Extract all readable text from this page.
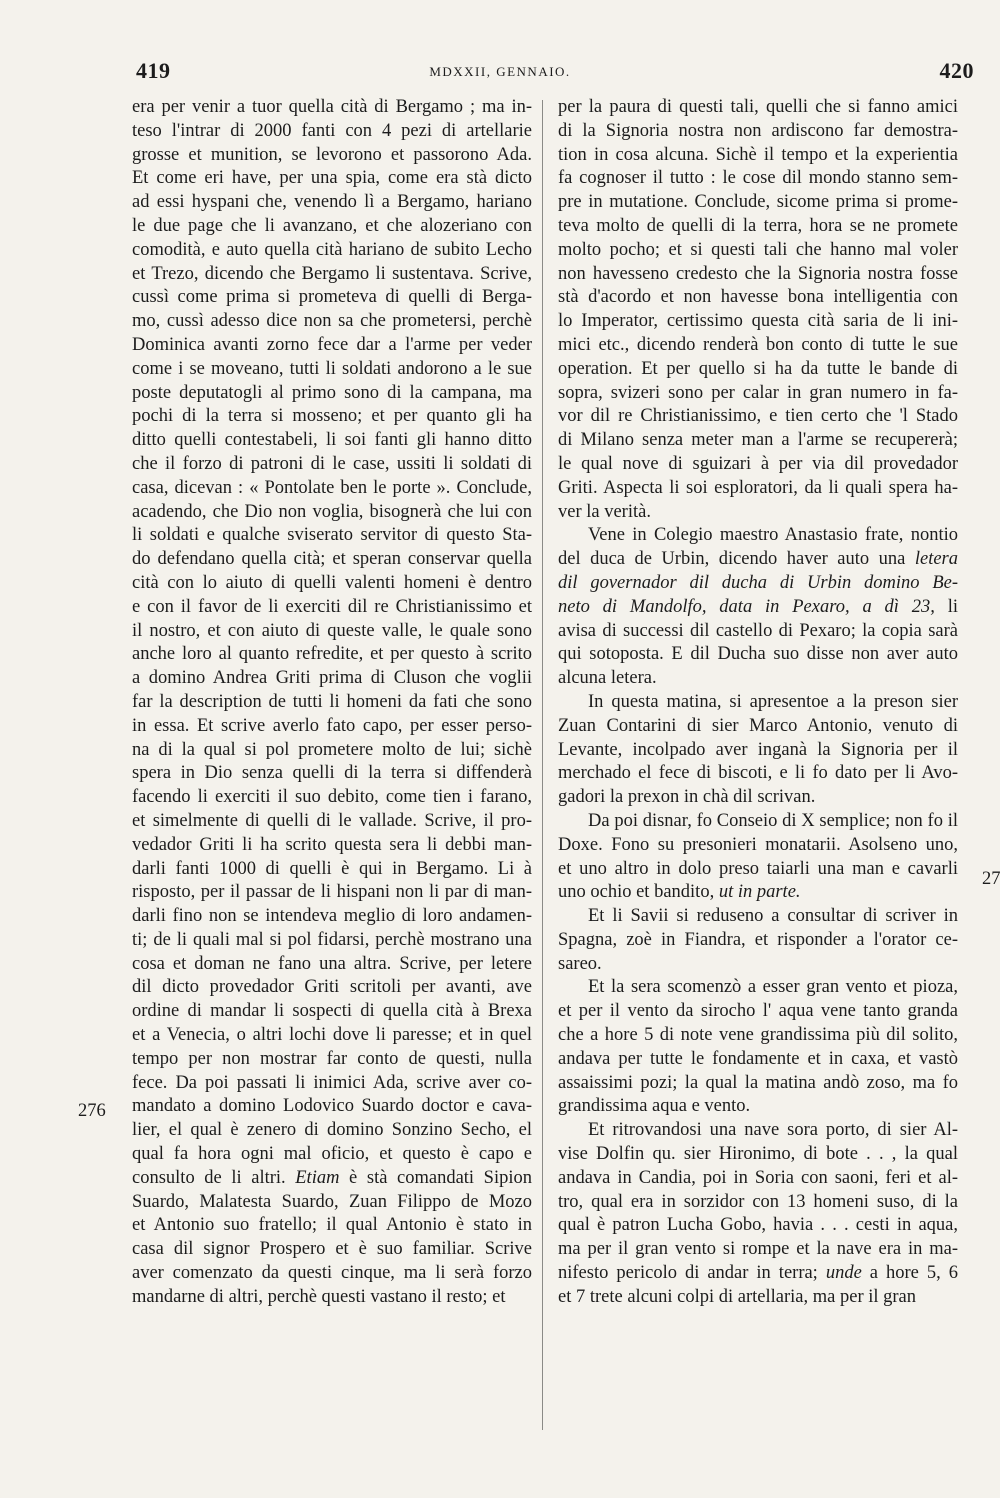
419	MDXXII, GENNAIO.	420
era per venir a tuor quella cità di Bergamo ; ma in-
teso l'intrar di 2000 fanti con 4 pezi di artellarie
grosse et munition, se levorono et passorono Ada.
Et come eri have, per una spia, come era stà dicto
ad essi hyspani che, venendo lì a Bergamo, hariano
le due page che li avanzano, et che alozeriano con
comodità, e auto quella cità hariano de subito Lecho
et Trezo, dicendo che Bergamo li sustentava. Scrive,
cussì come prima si prometeva di quelli di Berga-
mo, cussì adesso dice non sa che prometersi, perchè
Dominica avanti zorno fece dar a l'arme per veder
come i se moveano, tutti li soldati andorono a le sue
poste deputatogli al primo sono di la campana, ma
pochi di la terra si mosseno; et per quanto gli ha
ditto quelli contestabeli, li soi fanti gli hanno ditto
che il forzo di patroni di le case, ussiti li soldati di
casa, dicevan : « Pontolate ben le porte ». Conclude,
acadendo, che Dio non voglia, bisognerà che lui con
li soldati e qualche sviserato servitor di questo Sta-
do defendano quella cità; et speran conservar quella
cità con lo aiuto di quelli valenti homeni è dentro
e con il favor de li exerciti dil re Christianissimo et
il nostro, et con aiuto di queste valle, le quale sono
anche loro al quanto refredite, et per questo à scrito
a domino Andrea Griti prima di Cluson che voglii
far la description de tutti li homeni da fati che sono
in essa. Et scrive averlo fato capo, per esser perso-
na di la qual si pol prometere molto de lui; sichè
spera in Dio senza quelli di la terra si diffenderà
facendo li exerciti il suo debito, come tien i farano,
et simelmente di quelli di le vallade. Scrive, il pro-
vedador Griti li ha scrito questa sera li debbi man-
darli fanti 1000 di quelli è qui in Bergamo. Li à
risposto, per il passar de li hispani non li par di man-
darli fino non se intendeva meglio di loro andamen-
ti; de li quali mal si pol fidarsi, perchè mostrano una
cosa et doman ne fano una altra. Scrive, per letere
dil dicto provedador Griti scritoli per avanti, ave
ordine di mandar li sospecti di quella cità à Brexa
et a Venecia, o altri lochi dove li paresse; et in quel
tempo per non mostrar far conto de questi, nulla
fece. Da poi passati li inimici Ada, scrive aver co-
mandato a domino Lodovico Suardo doctor e cava-
lier, el qual è zenero di domino Sonzino Secho, el
qual fa hora ogni mal oficio, et questo è capo e
consulto de li altri. Etiam è stà comandati Sipion
Suardo, Malatesta Suardo, Zuan Filippo de Mozo
et Antonio suo fratello; il qual Antonio è stato in
casa dil signor Prospero et è suo familiar. Scrive
aver comenzato da questi cinque, ma li serà forzo
mandarne di altri, perchè questi vastano il resto; et
per la paura di questi tali, quelli che si fanno amici
di la Signoria nostra non ardiscono far demostra-
tion in cosa alcuna. Sichè il tempo et la experientia
fa cognoser il tutto : le cose dil mondo stanno sem-
pre in mutatione. Conclude, sicome prima si prome-
teva molto de quelli di la terra, hora se ne promete
molto pocho; et si questi tali che hanno mal voler
non havesseno credesto che la Signoria nostra fosse
stà d'acordo et non havesse bona intelligentia con
lo Imperator, certissimo questa cità saria de li ini-
mici etc., dicendo renderà bon conto di tutte le sue
operation. Et per quello si ha da tutte le bande di
sopra, svizeri sono per calar in gran numero in fa-
vor dil re Christianissimo, e tien certo che 'l Stado
di Milano senza meter man a l'arme se recupererà;
le qual nove di sguizari à per via dil provedador
Griti. Aspecta li soi esploratori, da li quali spera ha-
ver la verità.
Vene in Colegio maestro Anastasio frate, nontio
del duca de Urbin, dicendo haver auto una letera
dil governador dil ducha di Urbin domino Be-
neto di Mandolfo, data in Pexaro, a dì 23, li
avisa di successi dil castello di Pexaro; la copia sarà
qui sotoposta. E dil Ducha suo disse non aver auto
alcuna letera.
In questa matina, si apresentoe a la preson sier
Zuan Contarini di sier Marco Antonio, venuto di
Levante, incolpado aver inganà la Signoria per il
merchado el fece di biscoti, e li fo dato per li Avo-
gadori la prexon in chà dil scrivan.
Da poi disnar, fo Conseio di X semplice; non fo il
Doxe. Fono su presonieri monatarii. Asolseno uno,
et uno altro in dolo preso taiarli una man e cavarli
uno ochio et bandito, ut in parte.
Et li Savii si reduseno a consultar di scriver in
Spagna, zoè in Fiandra, et risponder a l'orator ce-
sareo.
Et la sera scomenzò a esser gran vento et pioza,
et per il vento da sirocho l' aqua vene tanto granda
che a hore 5 di note vene grandissima più dil solito,
andava per tutte le fondamente et in caxa, et vastò
assaissimi pozi; la qual la matina andò zoso, ma fo
grandissima aqua e vento.
Et ritrovandosi una nave sora porto, di sier Al-
vise Dolfin qu. sier Hironimo, di bote . . , la qual
andava in Candia, poi in Soria con saoni, feri et al-
tro, qual era in sorzidor con 13 homeni suso, di la
qual è patron Lucha Gobo, havia . . . cesti in aqua,
ma per il gran vento si rompe et la nave era in ma-
nifesto pericolo di andar in terra; unde a hore 5, 6
et 7 trete alcuni colpi di artellaria, ma per il gran
276
27
